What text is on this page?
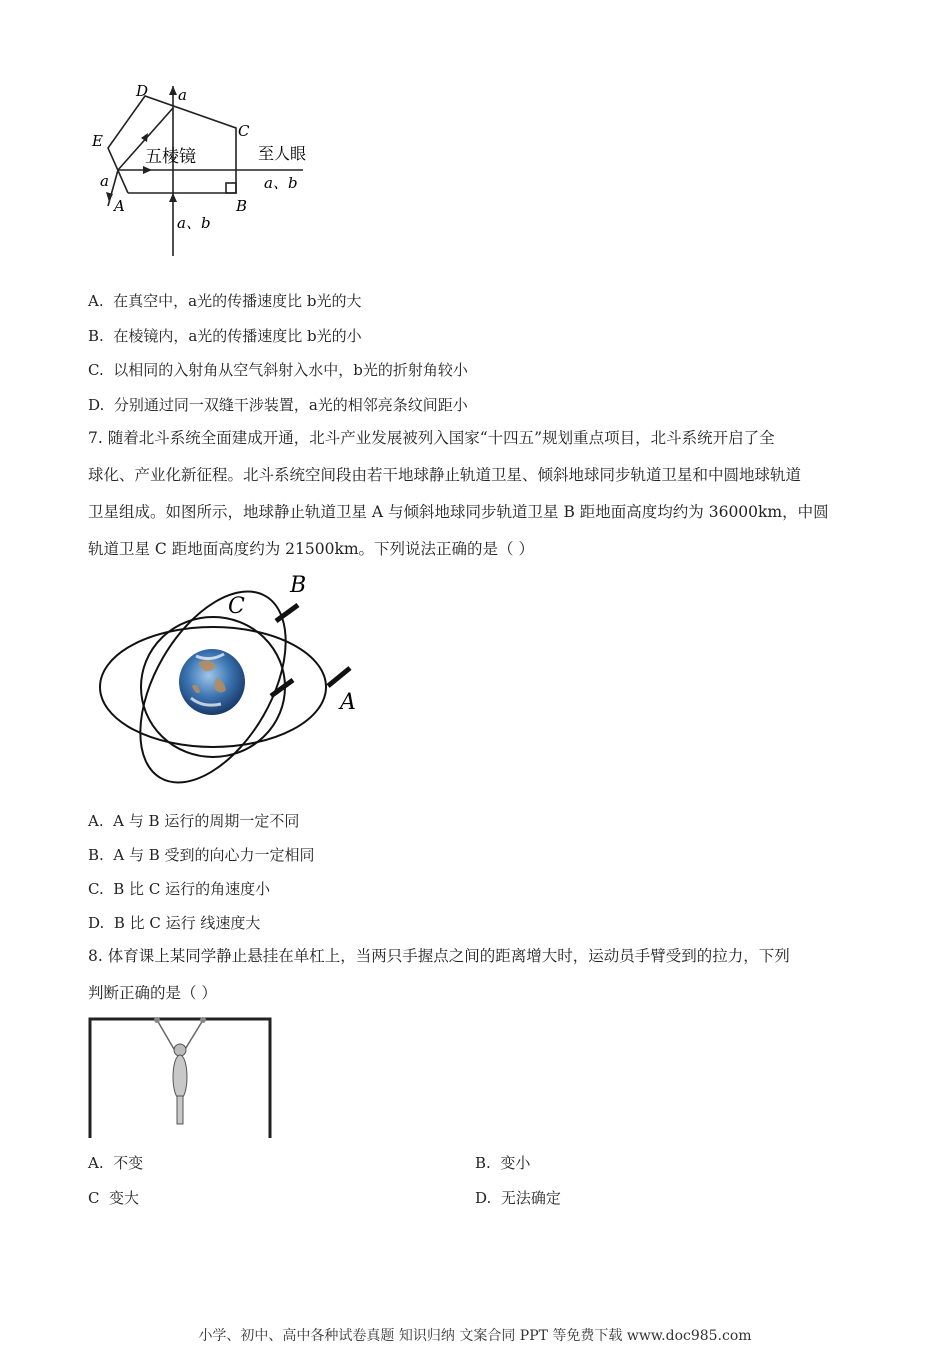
D a
C
E
五棱镜	至人眼
a	a、b
A	B
a、b
A. 在真空中，a光的传播速度比 b光的大
B. 在棱镜内，a光的传播速度比 b光的小
C. 以相同的入射角从空气斜射入水中，b光的折射角较小
D. 分别通过同一双缝干涉装置，a光的相邻亮条纹间距小
7. 随着北斗系统全面建成开通，北斗产业发展被列入国家“十四五”规划重点项目，北斗系统开启了全
球化、产业化新征程。北斗系统空间段由若干地球静止轨道卫星、倾斜地球同步轨道卫星和中圆地球轨道
卫星组成。如图所示，地球静止轨道卫星 A 与倾斜地球同步轨道卫星 B 距地面高度均约为 36000km，中圆
轨道卫星 C 距地面高度约为 21500km。下列说法正确的是（ ）
B
C
A
A. A 与 B 运行的周期一定不同
B. A 与 B 受到的向心力一定相同
C. B 比 C 运行的角速度小
D. B 比 C 运行 线速度大
8. 体育课上某同学静止悬挂在单杠上，当两只手握点之间的距离增大时，运动员手臂受到的拉力，下列
判断正确的是（ ）
A. 不变	B. 变小
C 变大	D. 无法确定
小学、初中、高中各种试卷真题 知识归纳 文案合同 PPT 等免费下载 www.doc985.com
